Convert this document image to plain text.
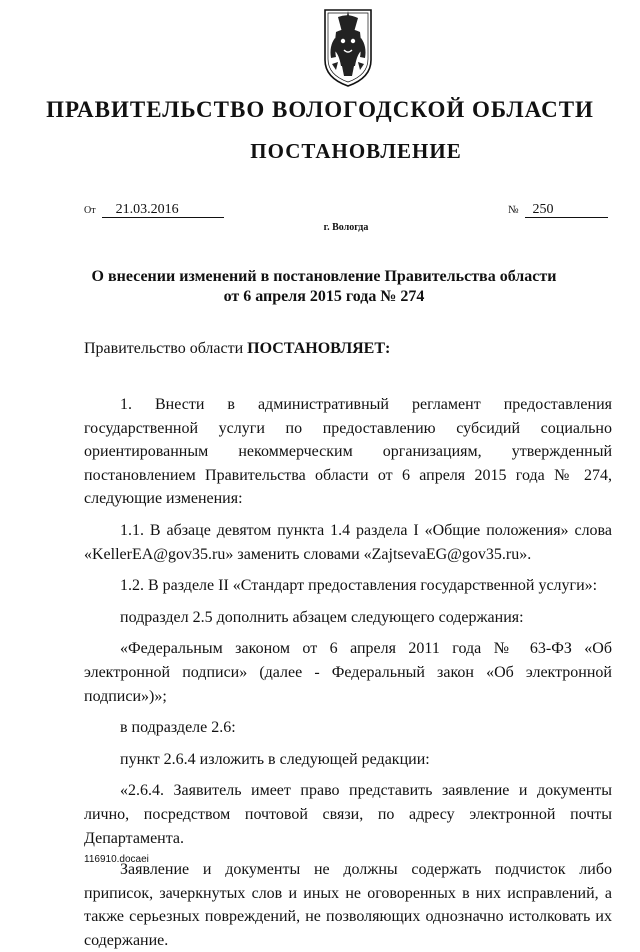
ПРАВИТЕЛЬСТВО ВОЛОГОДСКОЙ ОБЛАСТИ
ПОСТАНОВЛЕНИЕ
От 21.03.2016	№ 250
г. Вологда
О внесении изменений в постановление Правительства области
от 6 апреля 2015 года № 274
Правительство области ПОСТАНОВЛЯЕТ:

1. Внести в административный регламент предоставления государственной услуги по предоставлению субсидий социально ориентированным некоммерческим организациям, утвержденный постановлением Правительства области от 6 апреля 2015 года № 274, следующие изменения:

1.1. В абзаце девятом пункта 1.4 раздела I «Общие положения» слова «KellerEA@gov35.ru» заменить словами «ZajtsevaEG@gov35.ru».

1.2. В разделе II «Стандарт предоставления государственной услуги»:

подраздел 2.5 дополнить абзацем следующего содержания:

«Федеральным законом от 6 апреля 2011 года № 63-ФЗ «Об электронной подписи» (далее - Федеральный закон «Об электронной подписи»)»;

в подразделе 2.6:

пункт 2.6.4 изложить в следующей редакции:

«2.6.4. Заявитель имеет право представить заявление и документы лично, посредством почтовой связи, по адресу электронной почты Департамента.

Заявление и документы не должны содержать подчисток либо приписок, зачеркнутых слов и иных не оговоренных в них исправлений, а также серьезных повреждений, не позволяющих однозначно истолковать их содержание.

116910.docaei
